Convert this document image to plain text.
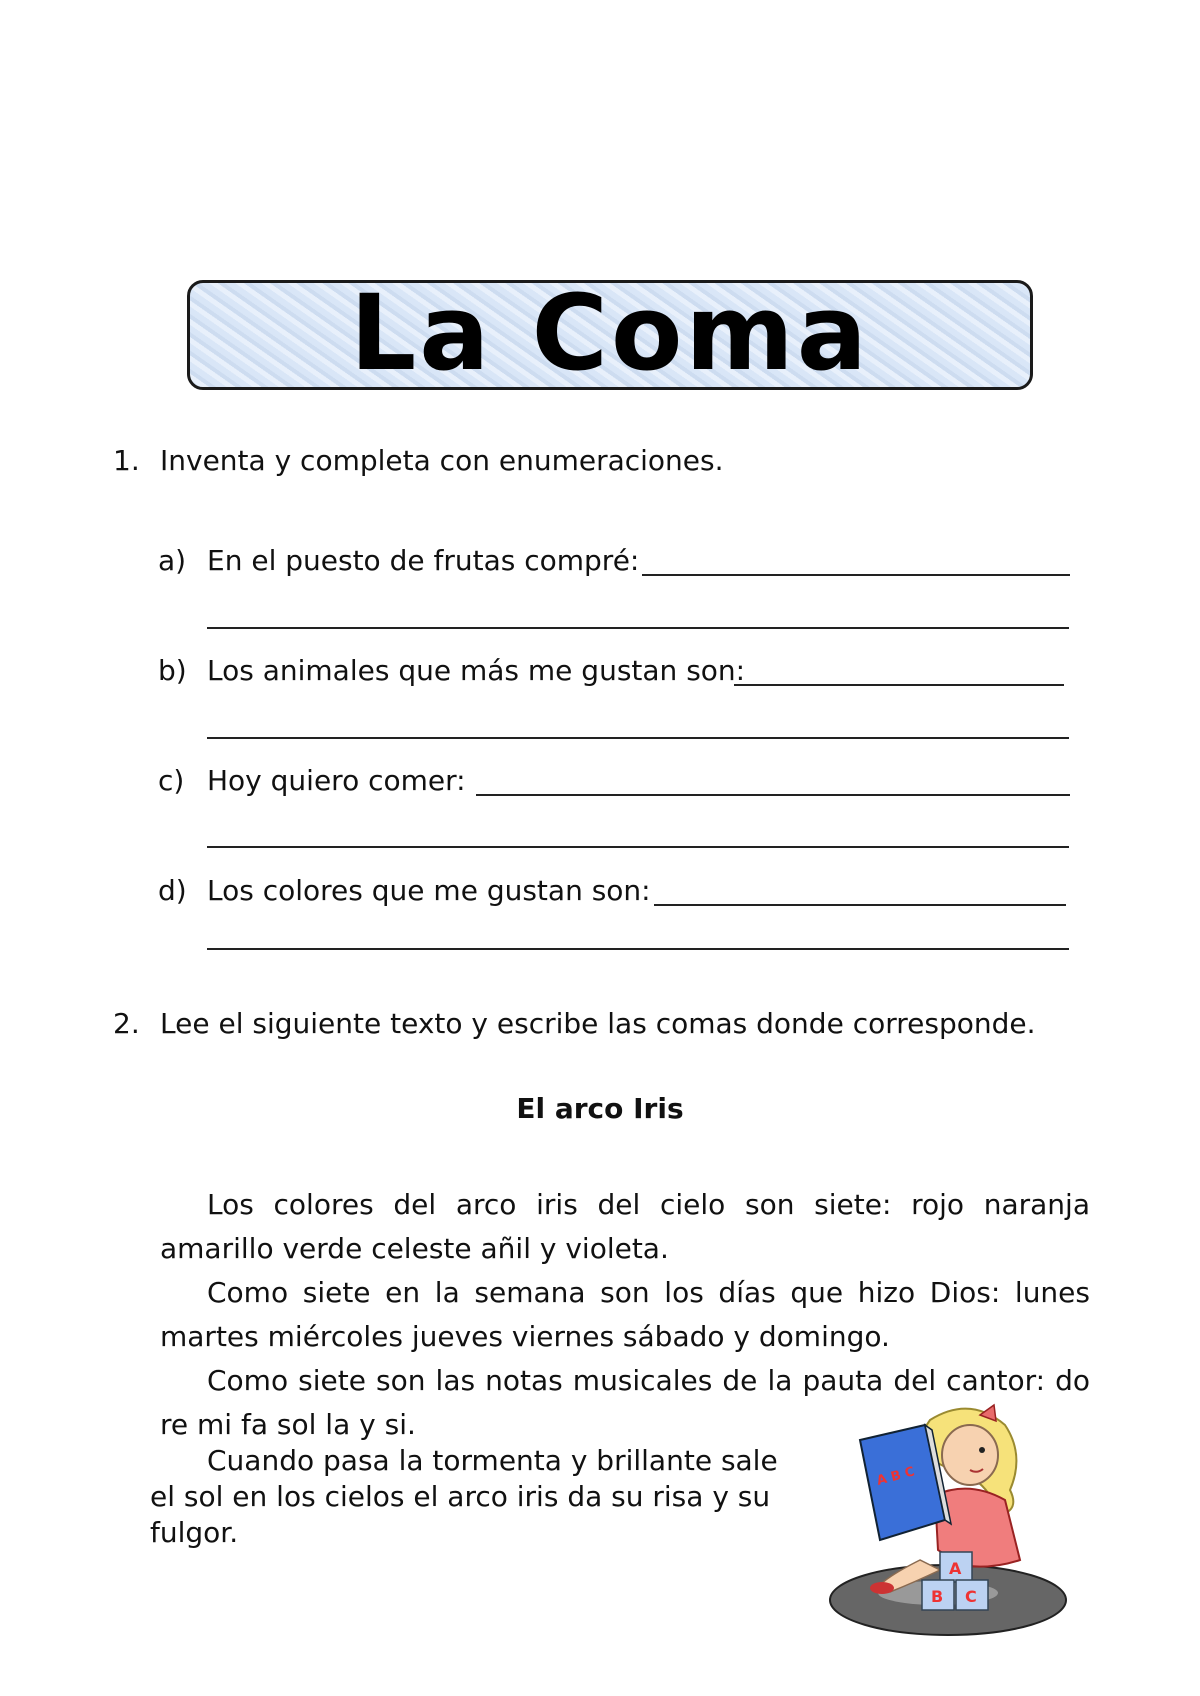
La Coma
1. Inventa y completa con enumeraciones.
a) En el puesto de frutas compré:
b) Los animales que más me gustan son:
c) Hoy quiero comer:
d) Los colores que me gustan son:
2. Lee el siguiente texto y escribe las comas donde corresponde.
El arco Iris

Los colores del arco iris del cielo son siete: rojo naranja amarillo verde celeste añil y violeta.

Como siete en la semana son los días que hizo Dios: lunes martes miércoles jueves viernes sábado y domingo.

Como siete son las notas musicales de la pauta del cantor: do re mi fa sol la y si.

Cuando pasa la tormenta y brillante sale el sol en los cielos el arco iris da su risa y su fulgor.

A B C
A
B C
